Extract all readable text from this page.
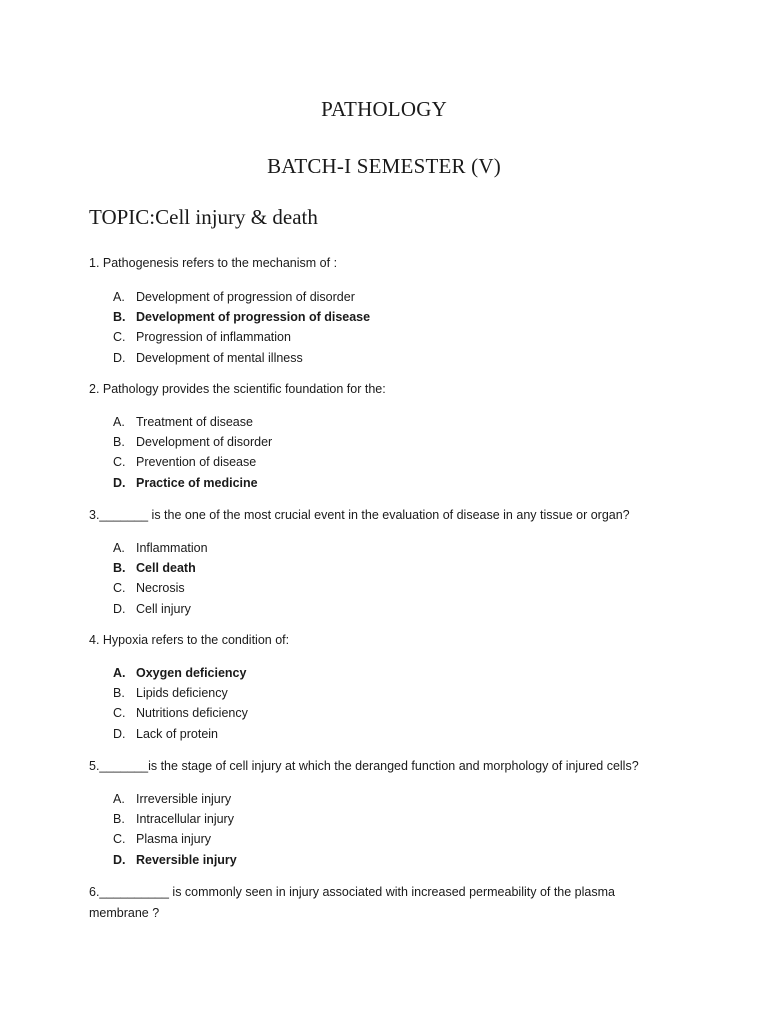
PATHOLOGY
BATCH-I SEMESTER (V)
TOPIC:Cell injury & death
1. Pathogenesis refers to the mechanism of :
A. Development of progression of disorder
B. Development of progression of disease
C. Progression of inflammation
D. Development of mental illness
2. Pathology provides the scientific foundation for the:
A. Treatment of disease
B. Development of disorder
C. Prevention of disease
D. Practice of medicine
3._______ is the one of the most crucial event in the evaluation of disease in any tissue or organ?
A. Inflammation
B. Cell death
C. Necrosis
D. Cell injury
4. Hypoxia refers to the condition of:
A. Oxygen deficiency
B. Lipids deficiency
C. Nutritions deficiency
D. Lack of protein
5._______is the stage of cell injury at which the deranged function and morphology of injured cells?
A. Irreversible injury
B. Intracellular injury
C. Plasma injury
D. Reversible injury
6.__________ is commonly seen in injury associated with increased permeability of the plasma membrane ?
